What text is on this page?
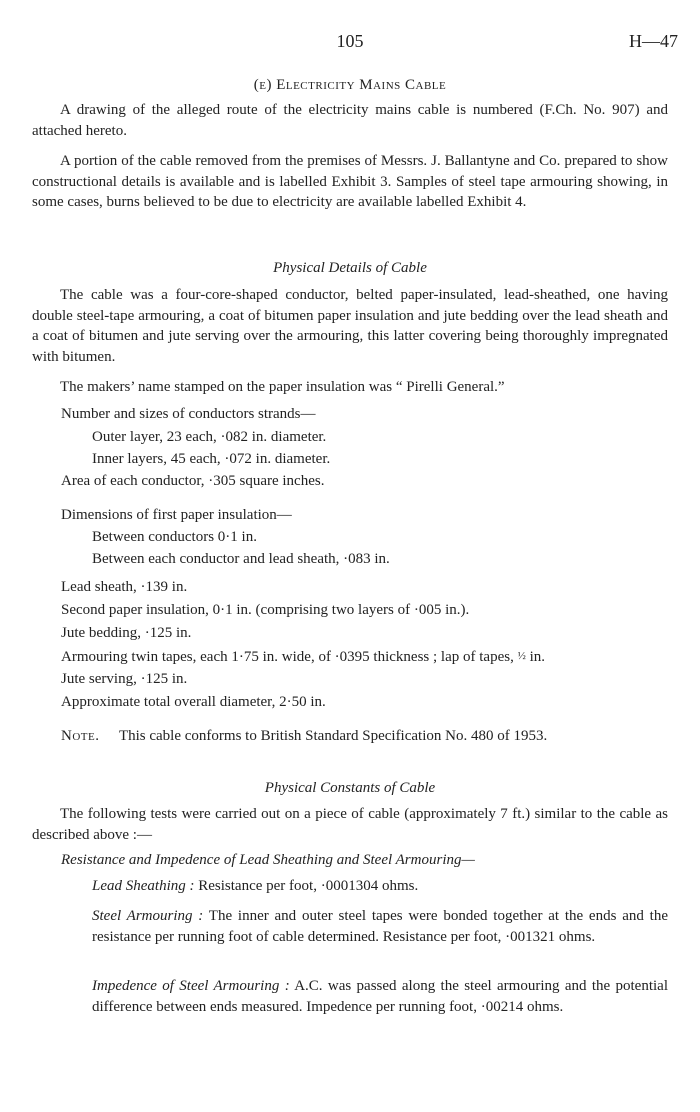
105	H—47
(e) Electricity Mains Cable

A drawing of the alleged route of the electricity mains cable is numbered (F.Ch. No. 907) and attached hereto.

A portion of the cable removed from the premises of Messrs. J. Ballantyne and Co. prepared to show constructional details is available and is labelled Exhibit 3. Samples of steel tape armouring showing, in some cases, burns believed to be due to electricity are available labelled Exhibit 4.

Physical Details of Cable

The cable was a four-core-shaped conductor, belted paper-insulated, lead-sheathed, one having double steel-tape armouring, a coat of bitumen paper insulation and jute bedding over the lead sheath and a coat of bitumen and jute serving over the armouring, this latter covering being thoroughly impregnated with bitumen.

The makers’ name stamped on the paper insulation was “ Pirelli General.”

Number and sizes of conductors strands—
Outer layer, 23 each, ·082 in. diameter.
Inner layers, 45 each, ·072 in. diameter.
Area of each conductor, ·305 square inches.
Dimensions of first paper insulation—
Between conductors 0·1 in.
Between each conductor and lead sheath, ·083 in.
Lead sheath, ·139 in.
Second paper insulation, 0·1 in. (comprising two layers of ·005 in.).
Jute bedding, ·125 in.
Armouring twin tapes, each 1·75 in. wide, of ·0395 thickness ; lap of tapes, ½ in.
Jute serving, ·125 in.
Approximate total overall diameter, 2·50 in.
Note. This cable conforms to British Standard Specification No. 480 of 1953.
Physical Constants of Cable

The following tests were carried out on a piece of cable (approximately 7 ft.) similar to the cable as described above :—

Resistance and Impedence of Lead Sheathing and Steel Armouring—
Lead Sheathing : Resistance per foot, ·0001304 ohms.
Steel Armouring : The inner and outer steel tapes were bonded together at the ends and the resistance per running foot of cable determined. Resistance per foot, ·001321 ohms.
Impedence of Steel Armouring : A.C. was passed along the steel armouring and the potential difference between ends measured. Impedence per running foot, ·00214 ohms.
